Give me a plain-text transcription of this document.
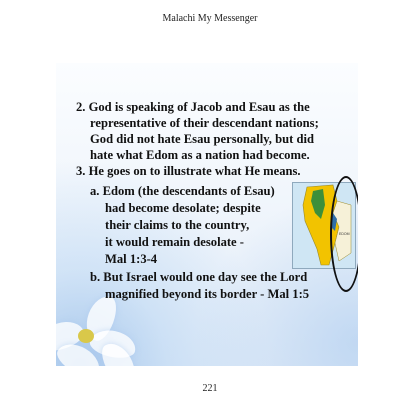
Malachi My Messenger
2. God is speaking of Jacob and Esau as the
representative of their descendant nations;
God did not hate Esau personally, but did
hate what Edom as a nation had become.
3. He goes on to illustrate what He means.
a. Edom (the descendants of Esau)
had become desolate; despite
their claims to the country,
it would remain desolate -
Mal 1:3-4
b. But Israel would one day see the Lord
magnified beyond its border - Mal 1:5
EDOM
221
